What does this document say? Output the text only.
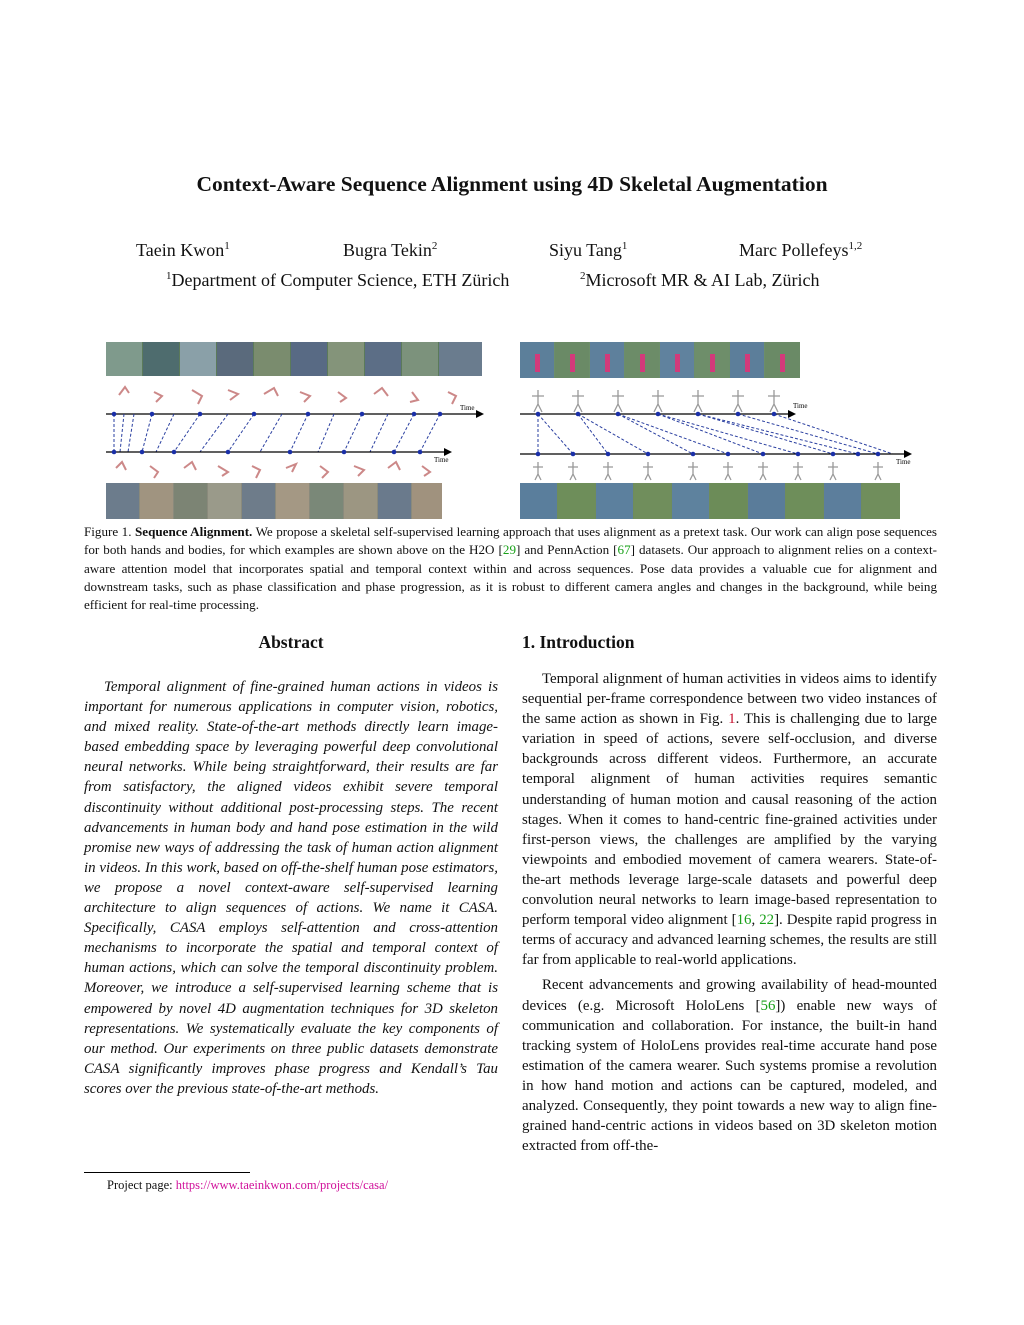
Context-Aware Sequence Alignment using 4D Skeletal Augmentation
Taein Kwon$^1$	Bugra Tekin$^2$	Siyu Tang$^1$	Marc Pollefeys$^{1,2}$
$^1$Department of Computer Science, ETH Zürich	$^2$Microsoft MR & AI Lab, Zürich
Time
Time
Time
Time
Figure 1. Sequence Alignment. We propose a skeletal self-supervised learning approach that uses alignment as a pretext task. Our work can align pose sequences for both hands and bodies, for which examples are shown above on the H2O [29] and PennAction [67] datasets. Our approach to alignment relies on a context-aware attention model that incorporates spatial and temporal context within and across sequences. Pose data provides a valuable cue for alignment and downstream tasks, such as phase classification and phase progression, as it is robust to different camera angles and changes in the background, while being efficient for real-time processing.
Abstract
Temporal alignment of fine-grained human actions in videos is important for numerous applications in computer vision, robotics, and mixed reality. State-of-the-art methods directly learn image-based embedding space by leveraging powerful deep convolutional neural networks. While being straightforward, their results are far from satisfactory, the aligned videos exhibit severe temporal discontinuity without additional post-processing steps. The recent advancements in human body and hand pose estimation in the wild promise new ways of addressing the task of human action alignment in videos. In this work, based on off-the-shelf human pose estimators, we propose a novel context-aware self-supervised learning architecture to align sequences of actions. We name it CASA. Specifically, CASA employs self-attention and cross-attention mechanisms to incorporate the spatial and temporal context of human actions, which can solve the temporal discontinuity problem. Moreover, we introduce a self-supervised learning scheme that is empowered by novel 4D augmentation techniques for 3D skeleton representations. We systematically evaluate the key components of our method. Our experiments on three public datasets demonstrate CASA significantly improves phase progress and Kendall’s Tau scores over the previous state-of-the-art methods.
1. Introduction

Temporal alignment of human activities in videos aims to identify sequential per-frame correspondence between two video instances of the same action as shown in Fig. 1. This is challenging due to large variation in speed of actions, severe self-occlusion, and diverse backgrounds across different videos. Furthermore, an accurate temporal alignment of human activities requires semantic understanding of human motion and causal reasoning of the action stages. When it comes to hand-centric fine-grained activities under first-person views, the challenges are amplified by the varying viewpoints and embodied movement of camera wearers. State-of-the-art methods leverage large-scale datasets and powerful deep convolution neural networks to learn image-based representation to perform temporal video alignment [16, 22]. Despite rapid progress in terms of accuracy and advanced learning schemes, the results are still far from applicable to real-world applications.

Recent advancements and growing availability of head-mounted devices (e.g. Microsoft HoloLens [56]) enable new ways of communication and collaboration. For instance, the built-in hand tracking system of HoloLens provides real-time accurate hand pose estimation of the camera wearer. Such systems promise a revolution in how hand motion and actions can be captured, modeled, and analyzed. Consequently, they point towards a new way to align fine-grained hand-centric actions in videos based on 3D skeleton motion extracted from off-the-

Project page: https://www.taeinkwon.com/projects/casa/
